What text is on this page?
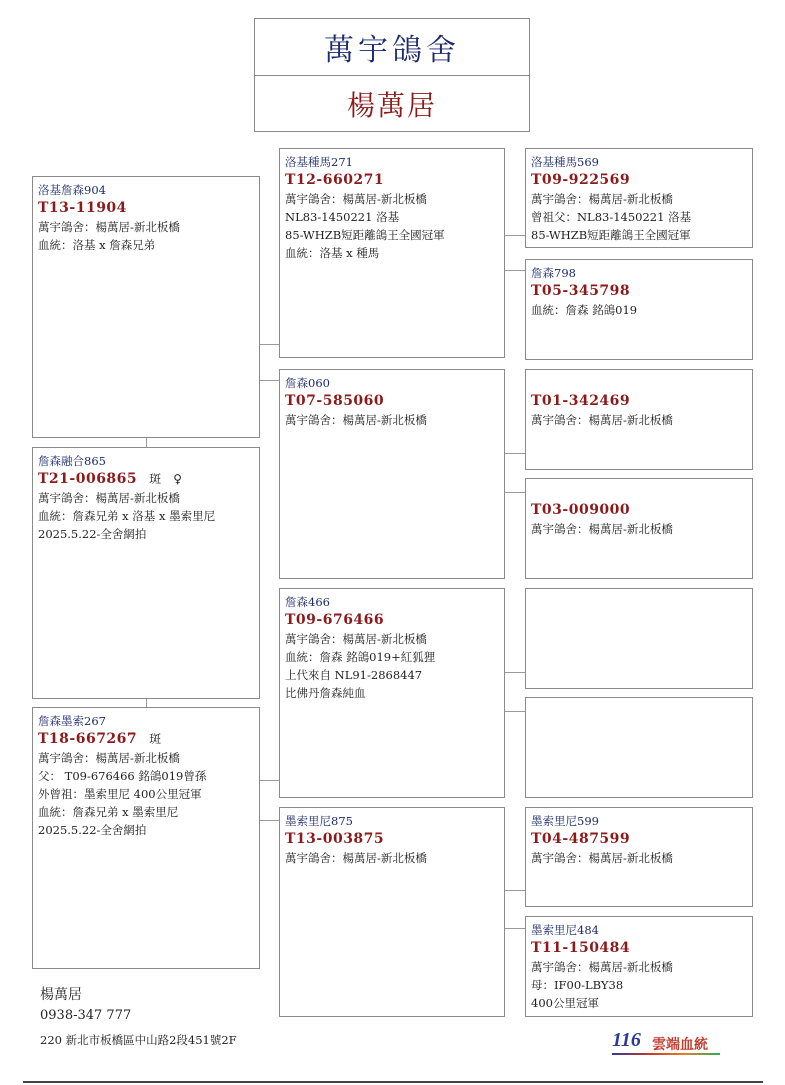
萬宇鴿舍
楊萬居
洛基詹森904
T13-11904
萬宇鴿舍：楊萬居-新北板橋
血統：洛基 x 詹森兄弟
詹森融合865
T21-006865 斑 ♀
萬宇鴿舍：楊萬居-新北板橋
血統：詹森兄弟 x 洛基 x 墨索里尼
2025.5.22-全舍網拍
詹森墨索267
T18-667267 斑
萬宇鴿舍：楊萬居-新北板橋
父： T09-676466 銘鴿019曾孫
外曾祖：墨索里尼 400公里冠軍
血統：詹森兄弟 x 墨索里尼
2025.5.22-全舍網拍
洛基種馬271
T12-660271
萬宇鴿舍：楊萬居-新北板橋
NL83-1450221 洛基
85-WHZB短距離鴿王全國冠軍
血統：洛基 x 種馬
詹森060
T07-585060
萬宇鴿舍：楊萬居-新北板橋
詹森466
T09-676466
萬宇鴿舍：楊萬居-新北板橋
血統：詹森 銘鴿019+紅狐狸
上代來自 NL91-2868447
比佛丹詹森純血
墨索里尼875
T13-003875
萬宇鴿舍：楊萬居-新北板橋
洛基種馬569
T09-922569
萬宇鴿舍：楊萬居-新北板橋
曾祖父：NL83-1450221 洛基
85-WHZB短距離鴿王全國冠軍
詹森798
T05-345798
血統：詹森 銘鴿019
T01-342469
萬宇鴿舍：楊萬居-新北板橋
T03-009000
萬宇鴿舍：楊萬居-新北板橋
墨索里尼599
T04-487599
萬宇鴿舍：楊萬居-新北板橋
墨索里尼484
T11-150484
萬宇鴿舍：楊萬居-新北板橋
母：IF00-LBY38
400公里冠軍
楊萬居
0938-347 777
220 新北市板橋區中山路2段451號2F	116 雲端血統
